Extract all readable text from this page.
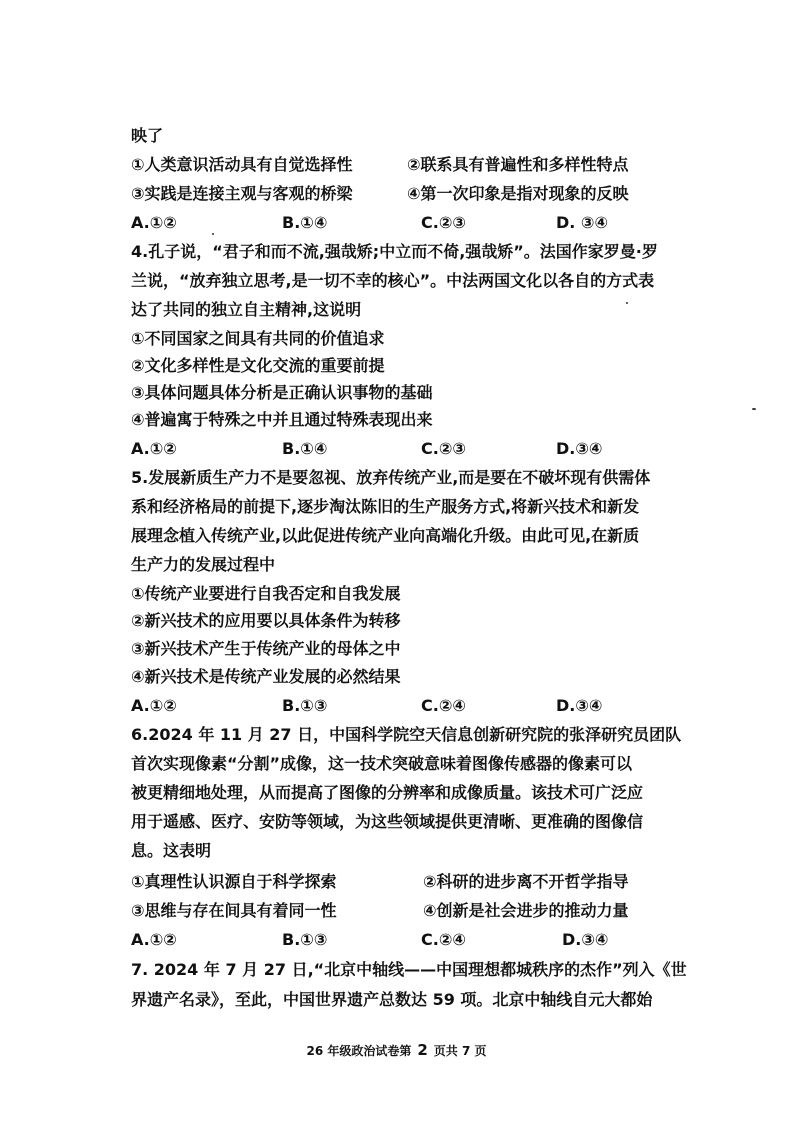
映了
①人类意识活动具有自觉选择性	②联系具有普遍性和多样性特点
③实践是连接主观与客观的桥梁	④第一次印象是指对现象的反映
A.①②	B.①④	C.②③	D. ③④
4.孔子说，“君子和而不流,强哉矫;中立而不倚,强哉矫”。法国作家罗曼·罗
兰说，“放弃独立思考,是一切不幸的核心”。中法两国文化以各自的方式表
达了共同的独立自主精神,这说明
①不同国家之间具有共同的价值追求
②文化多样性是文化交流的重要前提
③具体问题具体分析是正确认识事物的基础
④普遍寓于特殊之中并且通过特殊表现出来
A.①②	B.①④	C.②③	D.③④
5.发展新质生产力不是要忽视、放弃传统产业,而是要在不破坏现有供需体
系和经济格局的前提下,逐步淘汰陈旧的生产服务方式,将新兴技术和新发
展理念植入传统产业,以此促进传统产业向高端化升级。由此可见,在新质
生产力的发展过程中
①传统产业要进行自我否定和自我发展
②新兴技术的应用要以具体条件为转移
③新兴技术产生于传统产业的母体之中
④新兴技术是传统产业发展的必然结果
A.①②	B.①③	C.②④	D.③④
6.2024 年 11 月 27 日，中国科学院空天信息创新研究院的张泽研究员团队
首次实现像素“分割”成像，这一技术突破意味着图像传感器的像素可以
被更精细地处理，从而提高了图像的分辨率和成像质量。该技术可广泛应
用于遥感、医疗、安防等领域，为这些领域提供更清晰、更准确的图像信
息。这表明
①真理性认识源自于科学探索	②科研的进步离不开哲学指导
③思维与存在间具有着同一性	④创新是社会进步的推动力量
A.①②	B.①③	C.②④	D.③④
7. 2024 年 7 月 27 日,“北京中轴线——中国理想都城秩序的杰作”列入《世
界遗产名录》，至此，中国世界遗产总数达 59 项。北京中轴线自元大都始
26 年级政治试卷第 2 页共 7 页
